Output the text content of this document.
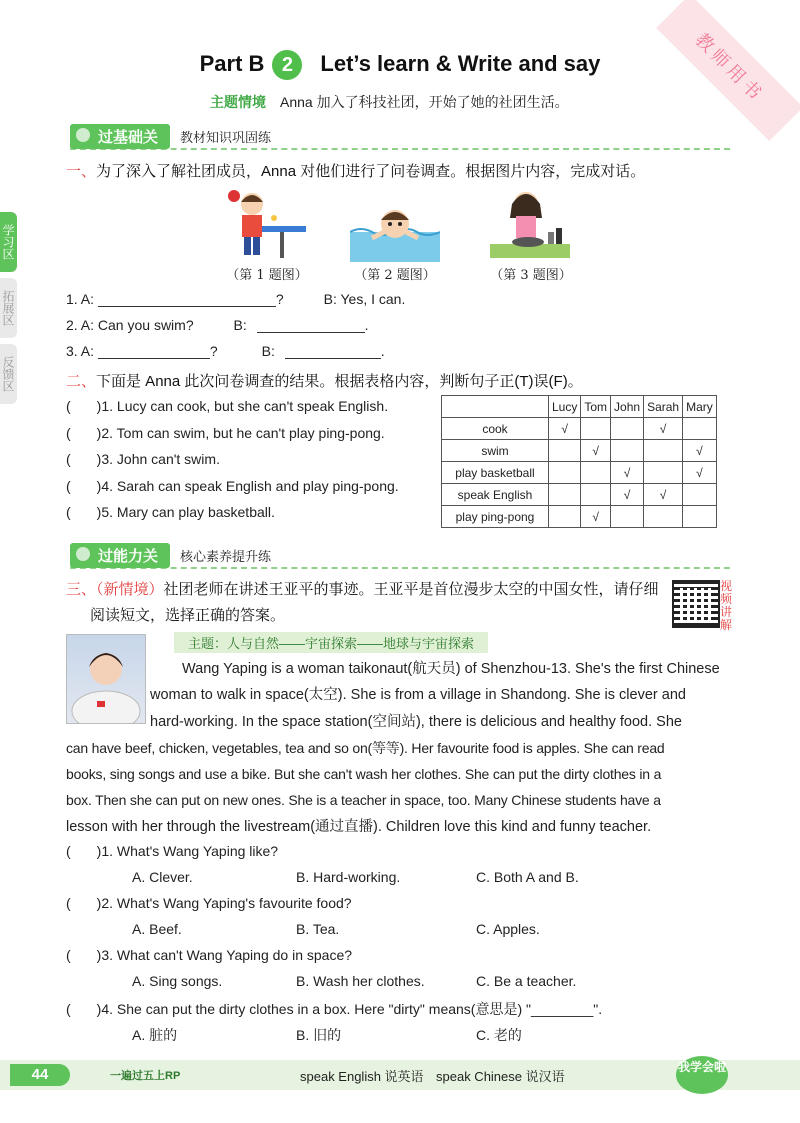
教师用书
Part B 2 Let’s learn & Write and say
主题情境 Anna 加入了科技社团，开始了她的社团生活。
学习区
拓展区
反馈区
过基础关 教材知识巩固练
一、为了深入了解社团成员，Anna 对他们进行了问卷调查。根据图片内容，完成对话。
（第 1 题图）	（第 2 题图）	（第 3 题图）
1. A:	?	B: Yes, I can.
2. A: Can you swim?	B:	.
3. A:	?	B:	.
二、下面是 Anna 此次问卷调查的结果。根据表格内容，判断句子正(T)误(F)。
( )1. Lucy can cook, but she can't speak English.
( )2. Tom can swim, but he can't play ping-pong.
( )3. John can't swim.
( )4. Sarah can speak English and play ping-pong.
( )5. Mary can play basketball.
	Lucy	Tom	John	Sarah	Mary
cook	√			√	
swim		√			√
play basketball			√		√
speak English			√	√	
play ping-pong		√			
过能力关 核心素养提升练
三、（新情境）社团老师在讲述王亚平的事迹。王亚平是首位漫步太空的中国女性，请仔细
阅读短文，选择正确的答案。
视频讲解
主题：人与自然——宇宙探索——地球与宇宙探索
Wang Yaping is a woman taikonaut(航天员) of Shenzhou-13. She's the first Chinese
woman to walk in space(太空). She is from a village in Shandong. She is clever and
hard-working. In the space station(空间站), there is delicious and healthy food. She
can have beef, chicken, vegetables, tea and so on(等等). Her favourite food is apples. She can read
books, sing songs and use a bike. But she can't wash her clothes. She can put the dirty clothes in a
box. Then she can put on new ones. She is a teacher in space, too. Many Chinese students have a
lesson with her through the livestream(通过直播). Children love this kind and funny teacher.
( )1. What's Wang Yaping like?
A. Clever.	B. Hard-working.	C. Both A and B.
( )2. What's Wang Yaping's favourite food?
A. Beef.	B. Tea.	C. Apples.
( )3. What can't Wang Yaping do in space?
A. Sing songs.	B. Wash her clothes.	C. Be a teacher.
( )4. She can put the dirty clothes in a box. Here "dirty" means(意思是) "________".
A. 脏的	B. 旧的	C. 老的
44	一遍过五上RP	speak English 说英语 speak Chinese 说汉语
我学会啦
